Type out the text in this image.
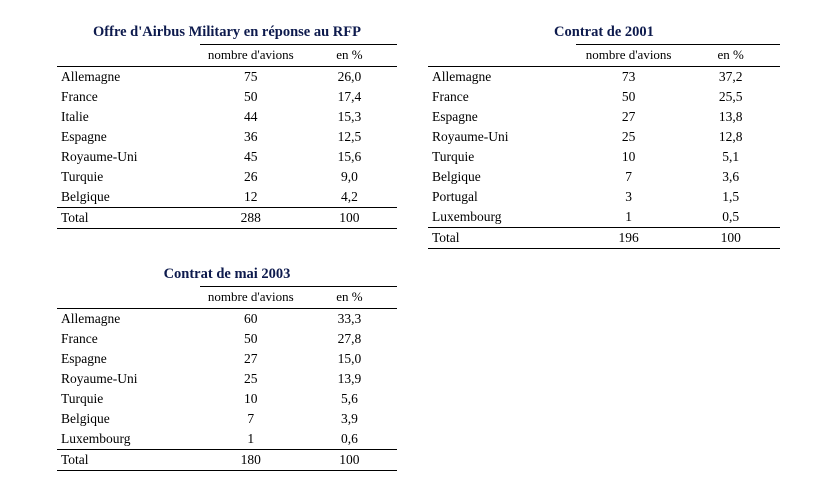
Offre d'Airbus Military en réponse au RFP
	nombre d'avions	en %
Allemagne	75	26,0
France	50	17,4
Italie	44	15,3
Espagne	36	12,5
Royaume-Uni	45	15,6
Turquie	26	9,0
Belgique	12	4,2
Total	288	100
Contrat de 2001
	nombre d'avions	en %
Allemagne	73	37,2
France	50	25,5
Espagne	27	13,8
Royaume-Uni	25	12,8
Turquie	10	5,1
Belgique	7	3,6
Portugal	3	1,5
Luxembourg	1	0,5
Total	196	100
Contrat de mai 2003
	nombre d'avions	en %
Allemagne	60	33,3
France	50	27,8
Espagne	27	15,0
Royaume-Uni	25	13,9
Turquie	10	5,6
Belgique	7	3,9
Luxembourg	1	0,6
Total	180	100
